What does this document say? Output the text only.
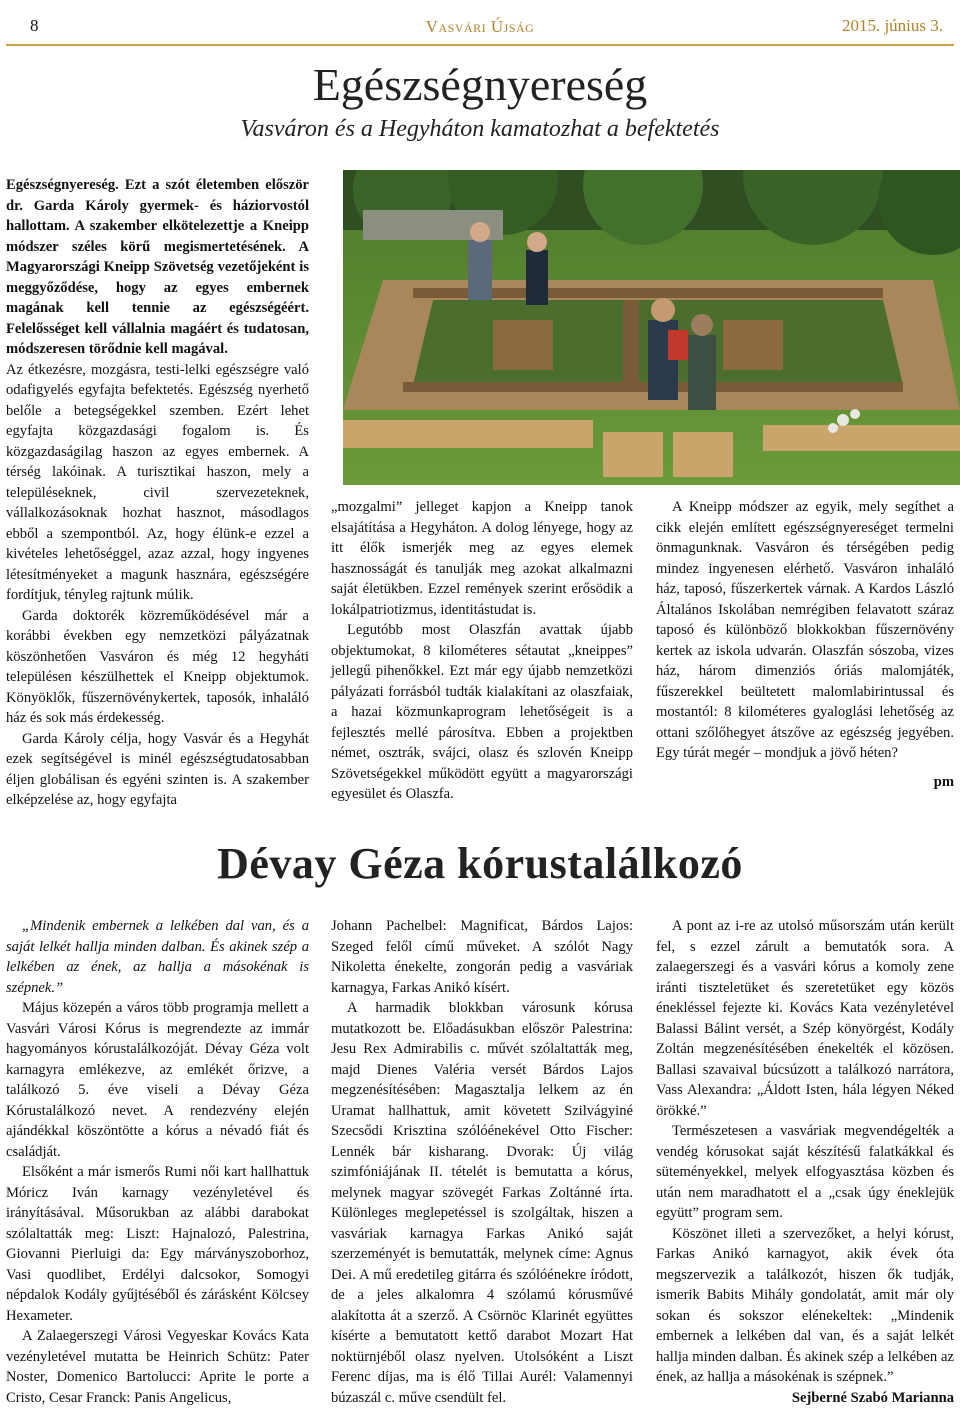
8	Vasvári Újság	2015. június 3.
Egészségnyereség
Vasváron és a Hegyháton kamatozhat a befektetés

Egészségnyereség. Ezt a szót életemben először dr. Garda Károly gyermek- és háziorvostól hallottam. A szakember elkötelezettje a Kneipp módszer széles körű megismertetésének. A Magyarországi Kneipp Szövetség vezetőjeként is meggyőződése, hogy az egyes embernek magának kell tennie az egészségéért. Felelősséget kell vállalnia magáért és tudatosan, módszeresen törődnie kell magával.

Az étkezésre, mozgásra, testi-lelki egészségre való odafigyelés egyfajta befektetés. Egészség nyerhető belőle a betegségekkel szemben. Ezért lehet egyfajta közgazdasági fogalom is. És közgazdaságilag haszon az egyes embernek. A térség lakóinak. A turisztikai haszon, mely a településeknek, civil szervezeteknek, vállalkozásoknak hozhat hasznot, másodlagos ebből a szempontból. Az, hogy élünk-e ezzel a kivételes lehetőséggel, azaz azzal, hogy ingyenes létesítményeket a magunk hasznára, egészségére fordítjuk, tényleg rajtunk múlik.

Garda doktorék közreműködésével már a korábbi években egy nemzetközi pályázatnak köszönhetően Vasváron és még 12 hegyháti településen készülhettek el Kneipp objektumok. Könyöklők, fűszernövénykertek, taposók, inhaláló ház és sok más érdekesség.

Garda Károly célja, hogy Vasvár és a Hegyhát ezek segítségével is minél egészségtudatosabban éljen globálisan és egyéni szinten is. A szakember elképzelése az, hogy egyfajta

„mozgalmi” jelleget kapjon a Kneipp tanok elsajátítása a Hegyháton. A dolog lényege, hogy az itt élők ismerjék meg az egyes elemek hasznosságát és tanulják meg azokat alkalmazni saját életükben. Ezzel remények szerint erősödik a lokálpatriotizmus, identitástudat is.

Legutóbb most Olaszfán avattak újabb objektumokat, 8 kilométeres sétautat „kneippes” jellegű pihenőkkel. Ezt már egy újabb nemzetközi pályázati forrásból tudták kialakítani az olaszfaiak, a hazai közmunkaprogram lehetőségeit is a fejlesztés mellé párosítva. Ebben a projektben német, osztrák, svájci, olasz és szlovén Kneipp Szövetségekkel működött együtt a magyarországi egyesület és Olaszfa.

A Kneipp módszer az egyik, mely segíthet a cikk elején említett egészségnyereséget termelni önmagunknak. Vasváron és térségében pedig mindez ingyenesen elérhető. Vasváron inhaláló ház, taposó, fűszerkertek várnak. A Kardos László Általános Iskolában nemrégiben felavatott száraz taposó és különböző blokkokban fűszernövény kertek az iskola udvarán. Olaszfán sószoba, vizes ház, három dimenziós óriás malomjáték, fűszerekkel beültetett malomlabirintussal és mostantól: 8 kilométeres gyaloglási lehetőség az ottani szőlőhegyet átszőve az egészség jegyében. Egy túrát megér – mondjuk a jövő héten?

pm

Dévay Géza kórustalálkozó

„Mindenik embernek a lelkében dal van, és a saját lelkét hallja minden dalban. És akinek szép a lelkében az ének, az hallja a másokénak is szépnek.”

Május közepén a város több programja mellett a Vasvári Városi Kórus is megrendezte az immár hagyományos kórustalálkozóját. Dévay Géza volt karnagyra emlékezve, az emlékét őrizve, a találkozó 5. éve viseli a Dévay Géza Kórustalálkozó nevet. A rendezvény elején ajándékkal köszöntötte a kórus a névadó fiát és családját.

Elsőként a már ismerős Rumi női kart hallhattuk Móricz Iván karnagy vezényletével és irányításával. Műsorukban az alábbi darabokat szólaltatták meg: Liszt: Hajnalozó, Palestrina, Giovanni Pierluigi da: Egy márványszoborhoz, Vasi quodlibet, Erdélyi dalcsokor, Somogyi népdalok Kodály gyűjtéséből és zárásként Kölcsey Hexameter.

A Zalaegerszegi Városi Vegyeskar Kovács Kata vezényletével mutatta be Heinrich Schütz: Pater Noster, Domenico Bartolucci: Aprite le porte a Cristo, Cesar Franck: Panis Angelicus,

Johann Pachelbel: Magnificat, Bárdos Lajos: Szeged felől című műveket. A szólót Nagy Nikoletta énekelte, zongorán pedig a vasváriak karnagya, Farkas Anikó kísért.

A harmadik blokkban városunk kórusa mutatkozott be. Előadásukban először Palestrina: Jesu Rex Admirabilis c. művét szólaltatták meg, majd Dienes Valéria versét Bárdos Lajos megzenésítésében: Magasztalja lelkem az én Uramat hallhattuk, amit követett Szilvágyiné Szecsődi Krisztina szólóénekével Otto Fischer: Lennék bár kisharang. Dvorak: Új világ szimfóniájának II. tételét is bemutatta a kórus, melynek magyar szövegét Farkas Zoltánné írta. Különleges meglepetéssel is szolgáltak, hiszen a vasváriak karnagya Farkas Anikó saját szerzeményét is bemutatták, melynek címe: Agnus Dei. A mű eredetileg gitárra és szólóénekre íródott, de a jeles alkalomra 4 szólamú kórusművé alakította át a szerző. A Csörnöc Klarinét együttes kísérte a bemutatott kettő darabot Mozart Hat noktürnjéből olasz nyelven. Utolsóként a Liszt Ferenc díjas, ma is élő Tillai Aurél: Valamennyi búzaszál c. műve csendült fel.

A pont az i-re az utolsó műsorszám után került fel, s ezzel zárult a bemutatók sora. A zalaegerszegi és a vasvári kórus a komoly zene iránti tiszteletüket és szeretetüket egy közös énekléssel fejezte ki. Kovács Kata vezényletével Balassi Bálint versét, a Szép könyörgést, Kodály Zoltán megzenésítésében énekelték el közösen. Ballasi szavaival búcsúzott a találkozó narrátora, Vass Alexandra: „Áldott Isten, hála légyen Néked örökké.”

Természetesen a vasváriak megvendégelték a vendég kórusokat saját készítésű falatkákkal és süteményekkel, melyek elfogyasztása közben és után nem maradhatott el a „csak úgy éneklejük együtt” program sem.

Köszönet illeti a szervezőket, a helyi kórust, Farkas Anikó karnagyot, akik évek óta megszervezik a találkozót, hiszen ők tudják, ismerik Babits Mihály gondolatát, amit már oly sokan és sokszor elénekeltek: „Mindenik embernek a lelkében dal van, és a saját lelkét hallja minden dalban. És akinek szép a lelkében az ének, az hallja a másokénak is szépnek.”

Sejberné Szabó Marianna
